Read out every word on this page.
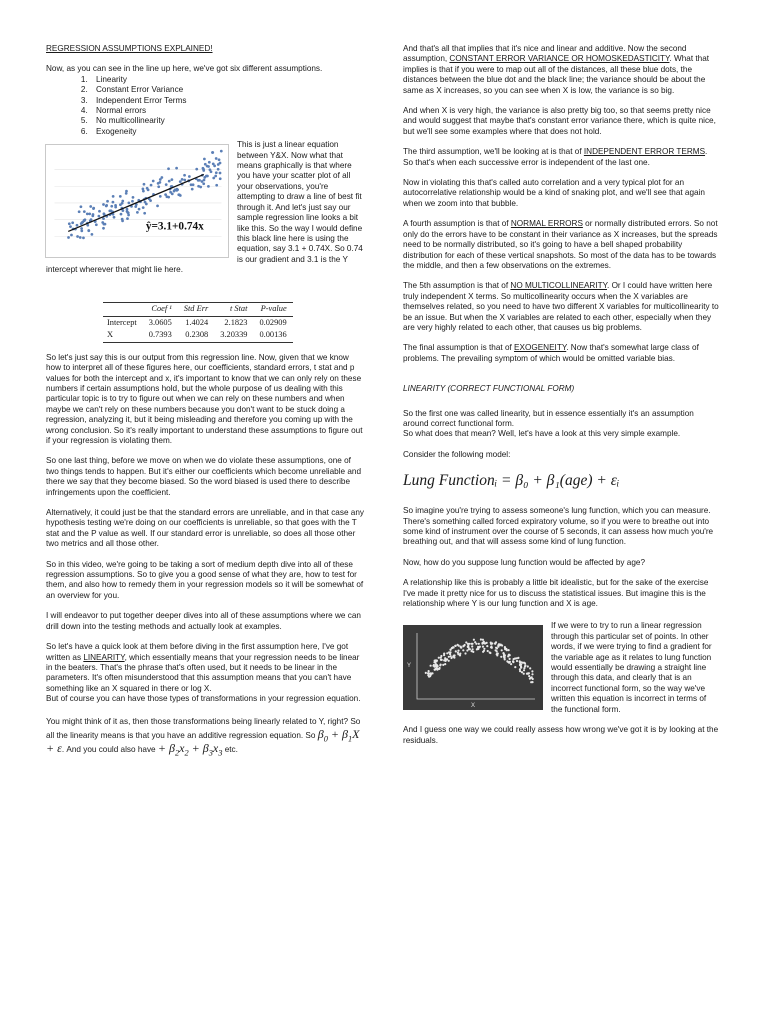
REGRESSION ASSUMPTIONS EXPLAINED!

Now, as you can see in the line up here, we've got six different assumptions.

1. Linearity
2. Constant Error Variance
3. Independent Error Terms
4. Normal errors
5. No multicollinearity
6. Exogeneity
ŷ=3.1+0.74x

This is just a linear equation between Y&X. Now what that means graphically is that where you have your scatter plot of all your observations, you're attempting to draw a line of best fit through it. And let's just say our sample regression line looks a bit like this. So the way I would define this black line here is using the equation, say 3.1 + 0.74X. So 0.74 is our gradient and 3.1 is the Y intercept wherever that might lie here.

	Coef ¹	Std Err	t Stat	P-value
Intercept	3.0605	1.4024	2.1823	0.02909
X	0.7393	0.2308	3.20339	0.00136

So let's just say this is our output from this regression line. Now, given that we know how to interpret all of these figures here, our coefficients, standard errors, t stat and p values for both the intercept and x, it's important to know that we can only rely on these numbers if certain assumptions hold, but the whole purpose of us dealing with this particular topic is to try to figure out when we can rely on these numbers and when maybe we can't rely on these numbers because you don't want to be stuck doing a regression, analyzing it, but it being misleading and therefore you coming up with the wrong conclusion. So it's really important to understand these assumptions to figure out if your regression is violating them.

So one last thing, before we move on when we do violate these assumptions, one of two things tends to happen. But it's either our coefficients which become unreliable and there we say that they become biased. So the word biased is used there to describe infringements upon the coefficient.

Alternatively, it could just be that the standard errors are unreliable, and in that case any hypothesis testing we're doing on our coefficients is unreliable, so that goes with the T stat and the P value as well. If our standard error is unreliable, so does all those other two metrics and all those other.

So in this video, we're going to be taking a sort of medium depth dive into all of these regression assumptions. So to give you a good sense of what they are, how to test for them, and also how to remedy them in your regression models so it will be somewhat of an overview for you.

I will endeavor to put together deeper dives into all of these assumptions where we can drill down into the testing methods and actually look at examples.

So let's have a quick look at them before diving in the first assumption here, I've got written as LINEARITY, which essentially means that your regression needs to be linear in the beaters. That's the phrase that's often used, but it needs to be linear in the parameters. It's often misunderstood that this assumption means that you can't have something like an X squared in there or log X.

But of course you can have those types of transformations in your regression equation.

You might think of it as, then those transformations being linearly related to Y, right? So all the linearity means is that you have an additive regression equation. So $\beta_0 + \beta_1X + \varepsilon$. And you could also have + $\beta_2x_2 + \beta_3x_3$ etc.

And that's all that implies that it's nice and linear and additive. Now the second assumption, CONSTANT ERROR VARIANCE OR HOMOSKEDASTICITY. What that implies is that if you were to map out all of the distances, all these blue dots, the distances between the blue dot and the black line; the variance should be about the same as X increases, so you can see when X is low, the variance is so big.

And when X is very high, the variance is also pretty big too, so that seems pretty nice and would suggest that maybe that's constant error variance there, which is quite nice, but we'll see some examples where that does not hold.

The third assumption, we'll be looking at is that of INDEPENDENT ERROR TERMS. So that's when each successive error is independent of the last one.

Now in violating this that's called auto correlation and a very typical plot for an autocorrelative relationship would be a kind of snaking plot, and we'll see that again when we zoom into that bubble.

A fourth assumption is that of NORMAL ERRORS or normally distributed errors. So not only do the errors have to be constant in their variance as X increases, but the spreads need to be normally distributed, so it's going to have a bell shaped probability distribution for each of these vertical snapshots. So most of the data has to be towards the middle, and then a few observations on the extremes.

The 5th assumption is that of NO MULTICOLLINEARITY. Or I could have written here truly independent X terms. So multicollinearity occurs when the X variables are themselves related, so you need to have two different X variables for multicollinearity to be an issue. But when the X variables are related to each other, especially when they are very highly related to each other, that causes us big problems.

The final assumption is that of EXOGENEITY. Now that's somewhat large class of problems. The prevailing symptom of which would be omitted variable bias.

LINEARITY (CORRECT FUNCTIONAL FORM)

So the first one was called linearity, but in essence essentially it's an assumption around correct functional form.

So what does that mean? Well, let's have a look at this very simple example.

Consider the following model:

Lung Functionᵢ = β₀ + β₁(age) + εᵢ

So imagine you're trying to assess someone's lung function, which you can measure. There's something called forced expiratory volume, so if you were to breathe out into some kind of instrument over the course of 5 seconds, it can assess how much you're breathing out, and that will assess some kind of lung function.

Now, how do you suppose lung function would be affected by age?

A relationship like this is probably a little bit idealistic, but for the sake of the exercise I've made it pretty nice for us to discuss the statistical issues. But imagine this is the relationship where Y is our lung function and X is age.

Y
X

If we were to try to run a linear regression through this particular set of points. In other words, if we were trying to find a gradient for the variable age as it relates to lung function would essentially be drawing a straight line through this data, and clearly that is an incorrect functional form, so the way we've written this equation is incorrect in terms of the functional form.

And I guess one way we could really assess how wrong we've got it is by looking at the residuals.
